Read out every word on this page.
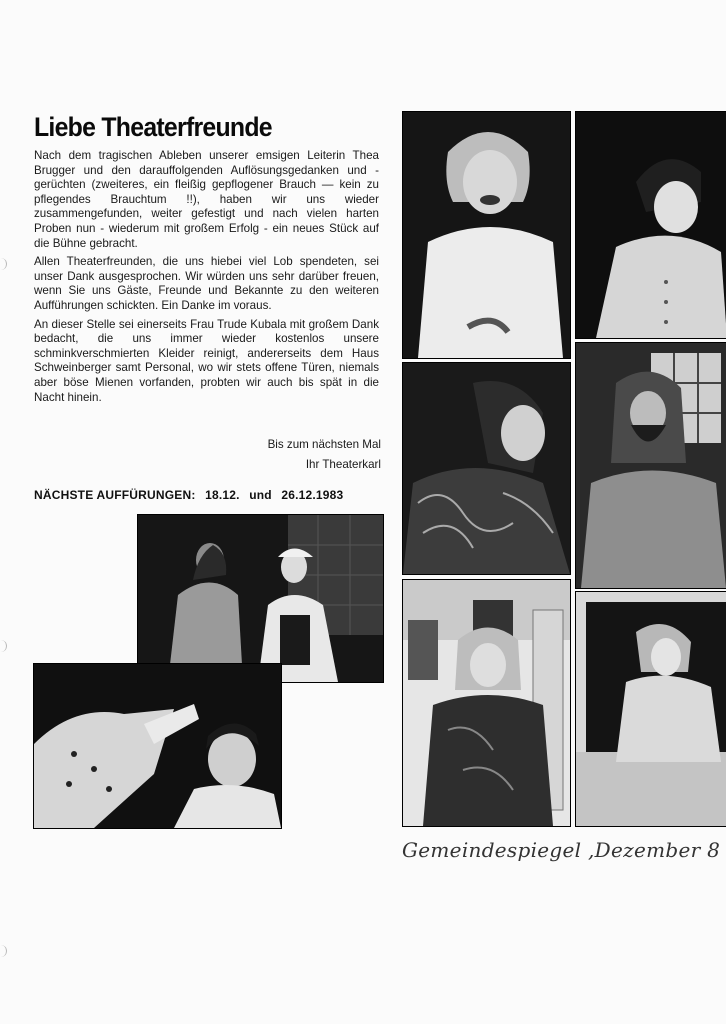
Liebe Theaterfreunde

Nach dem tragischen Ableben unserer emsigen Leiterin Thea Brugger und den darauffolgenden Auflösungsgedanken und -gerüchten (zweiteres, ein fleißig gepflogener Brauch — kein zu pflegendes Brauchtum !!), haben wir uns wieder zusammengefunden, weiter gefestigt und nach vielen harten Proben nun - wiederum mit großem Erfolg - ein neues Stück auf die Bühne gebracht.

Allen Theaterfreunden, die uns hiebei viel Lob spendeten, sei unser Dank ausgesprochen. Wir würden uns sehr darüber freuen, wenn Sie uns Gäste, Freunde und Bekannte zu den weiteren Aufführungen schickten. Ein Danke im voraus.

An dieser Stelle sei einerseits Frau Trude Kubala mit großem Dank bedacht, die uns immer wieder kostenlos unsere schminkverschmierten Kleider reinigt, andererseits dem Haus Schweinberger samt Personal, wo wir stets offene Türen, niemals aber böse Mienen vorfanden, probten wir auch bis spät in die Nacht hinein.

Bis zum nächsten Mal
Ihr Theaterkarl
NÄCHSTE AUFFÜRUNGEN: 18.12. und 26.12.1983
Gemeindespiegel ,Dezember 8
